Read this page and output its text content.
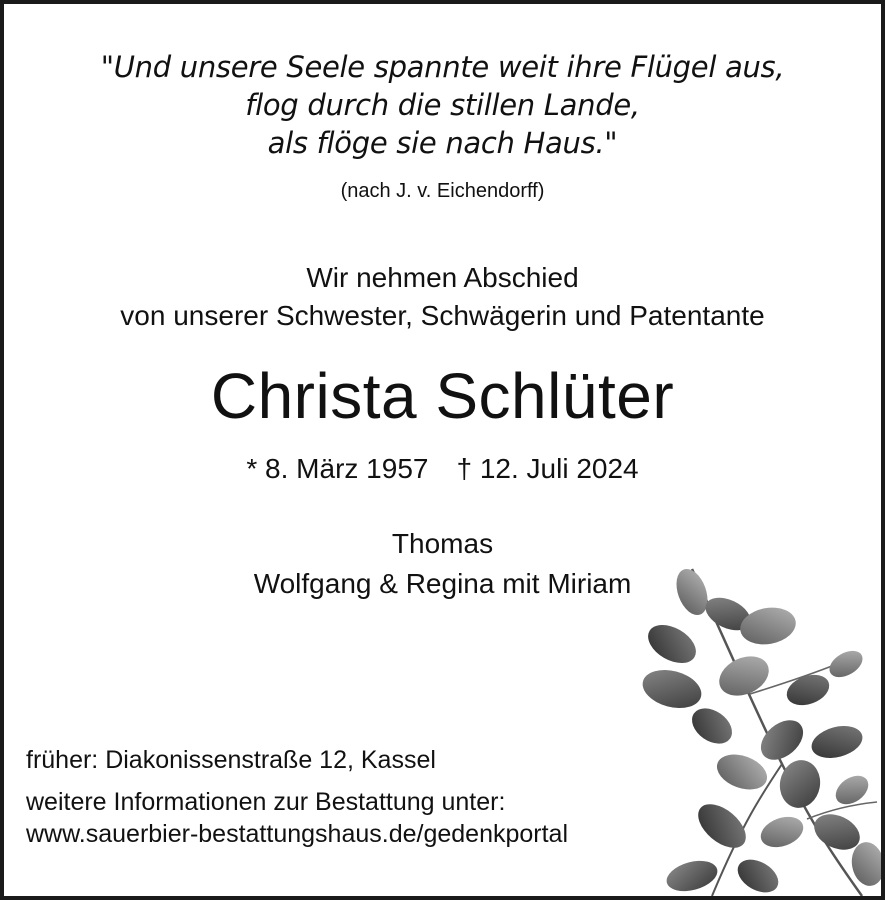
"Und unsere Seele spannte weit ihre Flügel aus,
flog durch die stillen Lande,
als flöge sie nach Haus."
(nach J. v. Eichendorff)
Wir nehmen Abschied
von unserer Schwester, Schwägerin und Patentante
Christa Schlüter
* 8. März 1957 † 12. Juli 2024
Thomas
Wolfgang & Regina mit Miriam
früher: Diakonissenstraße 12, Kassel
weitere Informationen zur Bestattung unter:
www.sauerbier-bestattungshaus.de/gedenkportal
